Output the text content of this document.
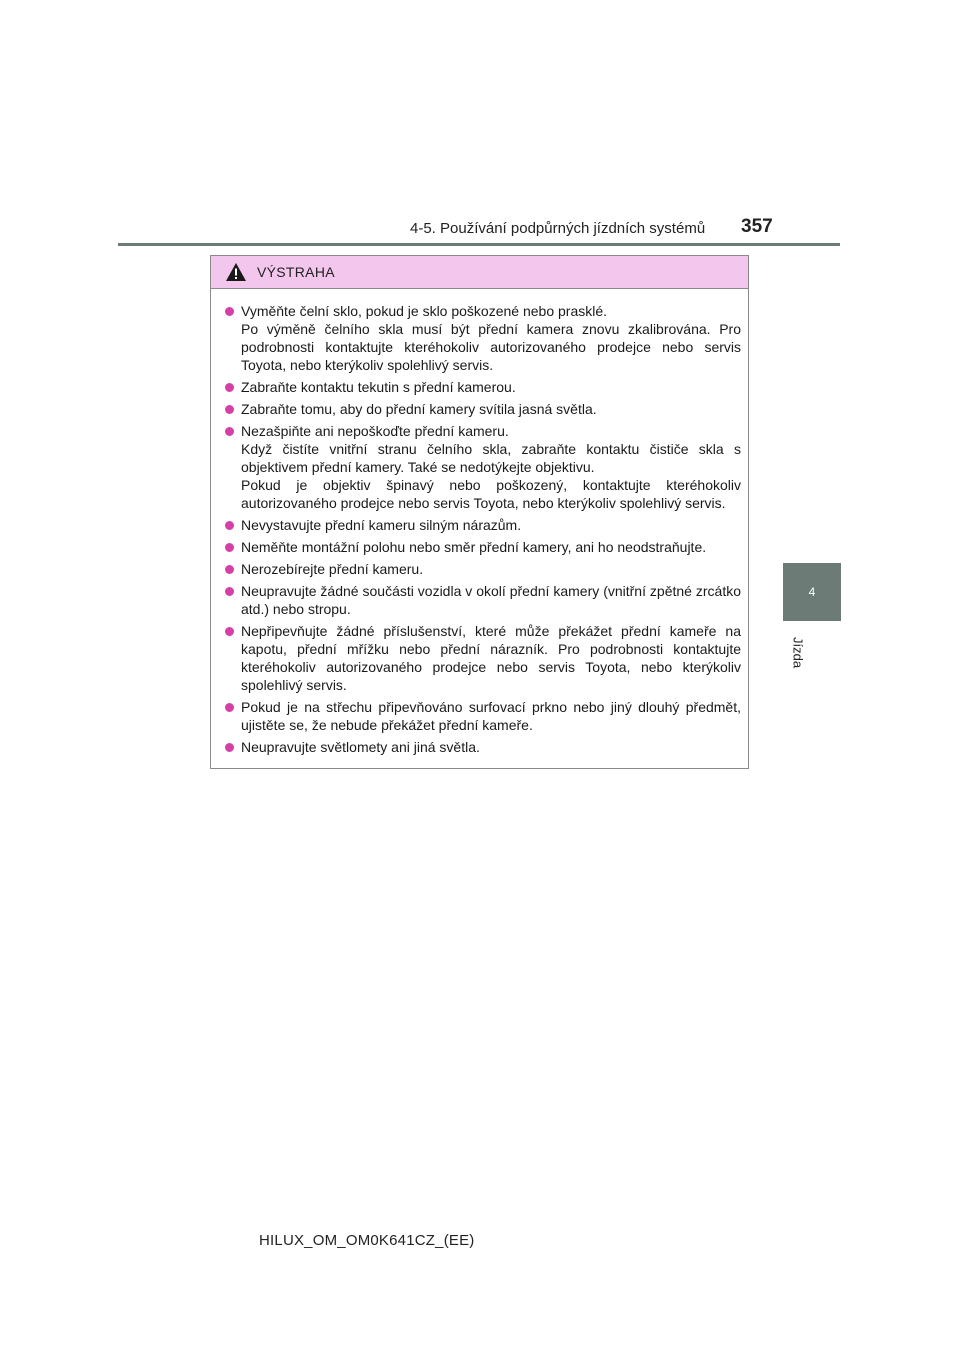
4-5. Používání podpůrných jízdních systémů 357
4
Jízda
VÝSTRAHA
Vyměňte čelní sklo, pokud je sklo poškozené nebo prasklé.
Po výměně čelního skla musí být přední kamera znovu zkalibrována. Pro podrobnosti kontaktujte kteréhokoliv autorizovaného prodejce nebo servis Toyota, nebo kterýkoliv spolehlivý servis.
Zabraňte kontaktu tekutin s přední kamerou.
Zabraňte tomu, aby do přední kamery svítila jasná světla.
Nezašpiňte ani nepoškoďte přední kameru.
Když čistíte vnitřní stranu čelního skla, zabraňte kontaktu čističe skla s objektivem přední kamery. Také se nedotýkejte objektivu.
Pokud je objektiv špinavý nebo poškozený, kontaktujte kteréhokoliv autorizovaného prodejce nebo servis Toyota, nebo kterýkoliv spolehlivý servis.
Nevystavujte přední kameru silným nárazům.
Neměňte montážní polohu nebo směr přední kamery, ani ho neodstraňujte.
Nerozebírejte přední kameru.
Neupravujte žádné součásti vozidla v okolí přední kamery (vnitřní zpětné zrcátko atd.) nebo stropu.
Nepřipevňujte žádné příslušenství, které může překážet přední kameře na kapotu, přední mřížku nebo přední nárazník. Pro podrobnosti kontaktujte kteréhokoliv autorizovaného prodejce nebo servis Toyota, nebo kterýkoliv spolehlivý servis.
Pokud je na střechu připevňováno surfovací prkno nebo jiný dlouhý předmět, ujistěte se, že nebude překážet přední kameře.
Neupravujte světlomety ani jiná světla.
HILUX_OM_OM0K641CZ_(EE)
